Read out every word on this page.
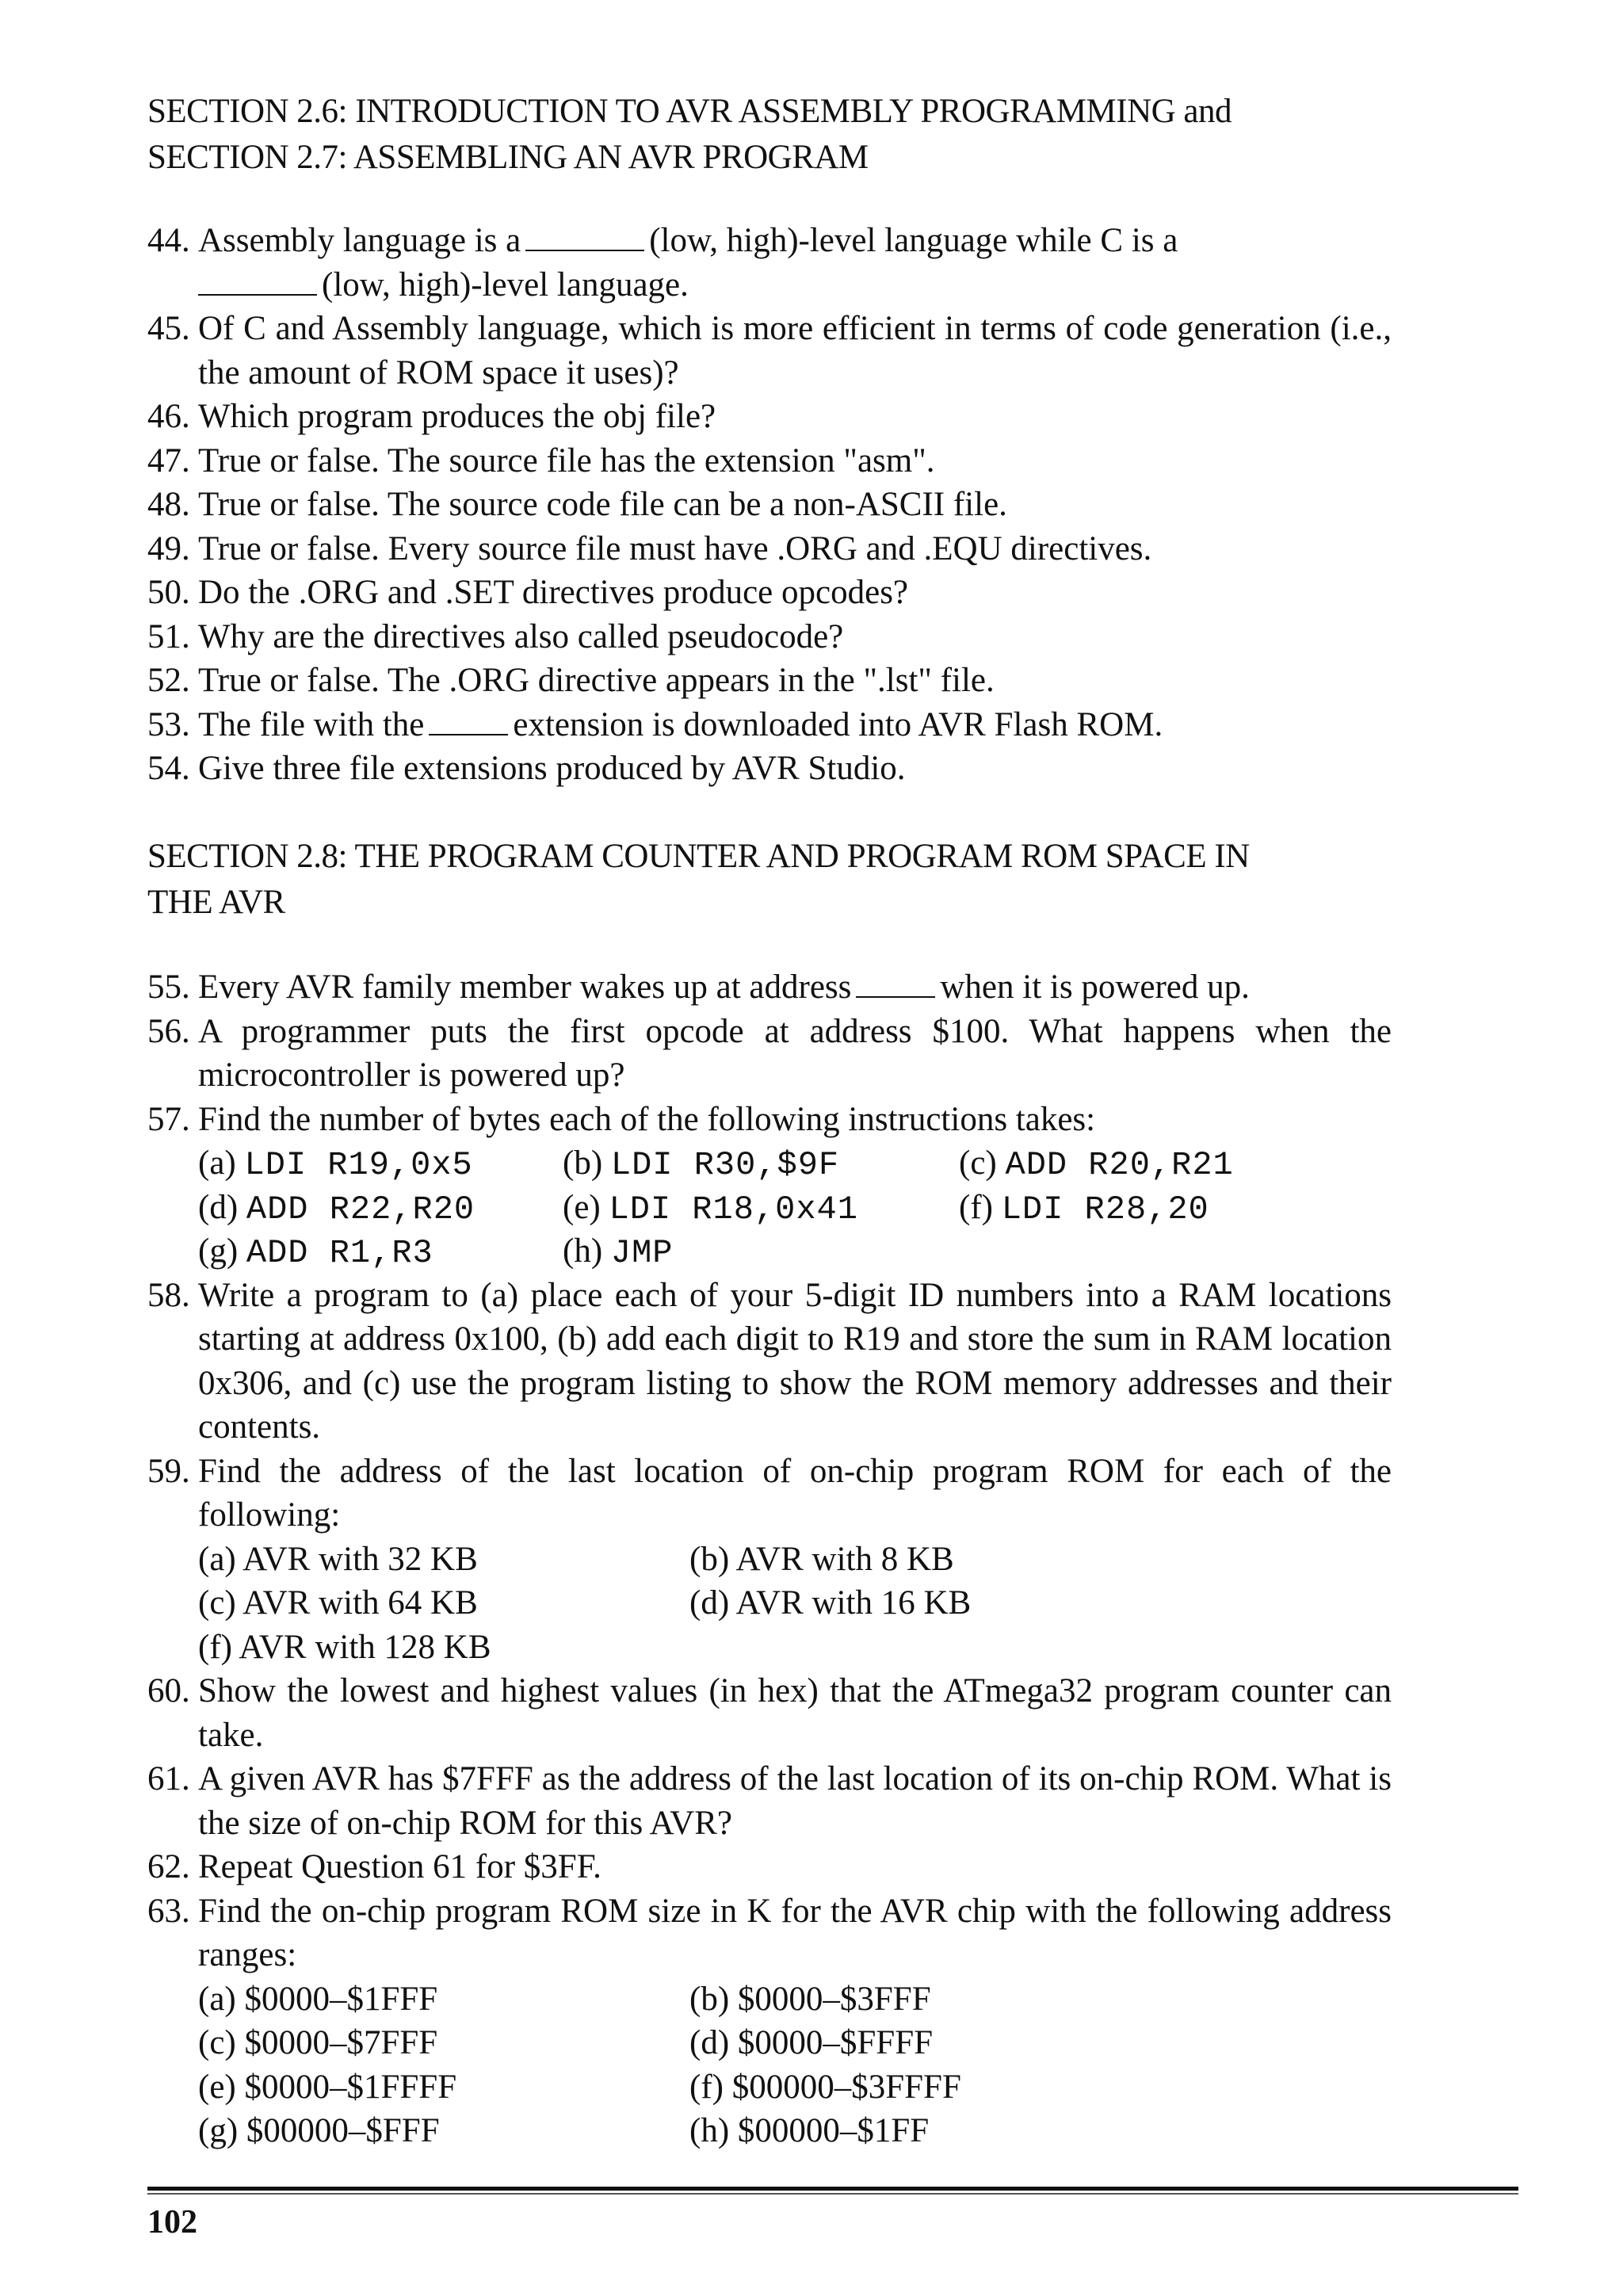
SECTION 2.6: INTRODUCTION TO AVR ASSEMBLY PROGRAMMING and
SECTION 2.7: ASSEMBLING AN AVR PROGRAM
44. Assembly language is a	(low, high)-level language while C is a
(low, high)-level language.
45. Of C and Assembly language, which is more efficient in terms of code generation (i.e., the amount of ROM space it uses)?
46. Which program produces the obj file?
47. True or false. The source file has the extension "asm".
48. True or false. The source code file can be a non-ASCII file.
49. True or false. Every source file must have .ORG and .EQU directives.
50. Do the .ORG and .SET directives produce opcodes?
51. Why are the directives also called pseudocode?
52. True or false. The .ORG directive appears in the ".lst" file.
53. The file with the	extension is downloaded into AVR Flash ROM.
54. Give three file extensions produced by AVR Studio.
SECTION 2.8: THE PROGRAM COUNTER AND PROGRAM ROM SPACE IN
THE AVR
55. Every AVR family member wakes up at address	when it is powered up.
56. A programmer puts the first opcode at address $100. What happens when the microcontroller is powered up?
57. Find the number of bytes each of the following instructions takes:
(a) LDI R19,0x5	(b) LDI R30,$9F	(c) ADD R20,R21
(d) ADD R22,R20	(e) LDI R18,0x41	(f) LDI R28,20
(g) ADD R1,R3	(h) JMP
58. Write a program to (a) place each of your 5-digit ID numbers into a RAM locations starting at address 0x100, (b) add each digit to R19 and store the sum in RAM location 0x306, and (c) use the program listing to show the ROM memory addresses and their contents.
59. Find the address of the last location of on-chip program ROM for each of the following:
(a) AVR with 32 KB	(b) AVR with 8 KB
(c) AVR with 64 KB	(d) AVR with 16 KB
(f) AVR with 128 KB
60. Show the lowest and highest values (in hex) that the ATmega32 program counter can take.
61. A given AVR has $7FFF as the address of the last location of its on-chip ROM. What is the size of on-chip ROM for this AVR?
62. Repeat Question 61 for $3FF.
63. Find the on-chip program ROM size in K for the AVR chip with the following address ranges:
(a) $0000–$1FFF	(b) $0000–$3FFF
(c) $0000–$7FFF	(d) $0000–$FFFF
(e) $0000–$1FFFF	(f) $00000–$3FFFF
(g) $00000–$FFF	(h) $00000–$1FF
102
